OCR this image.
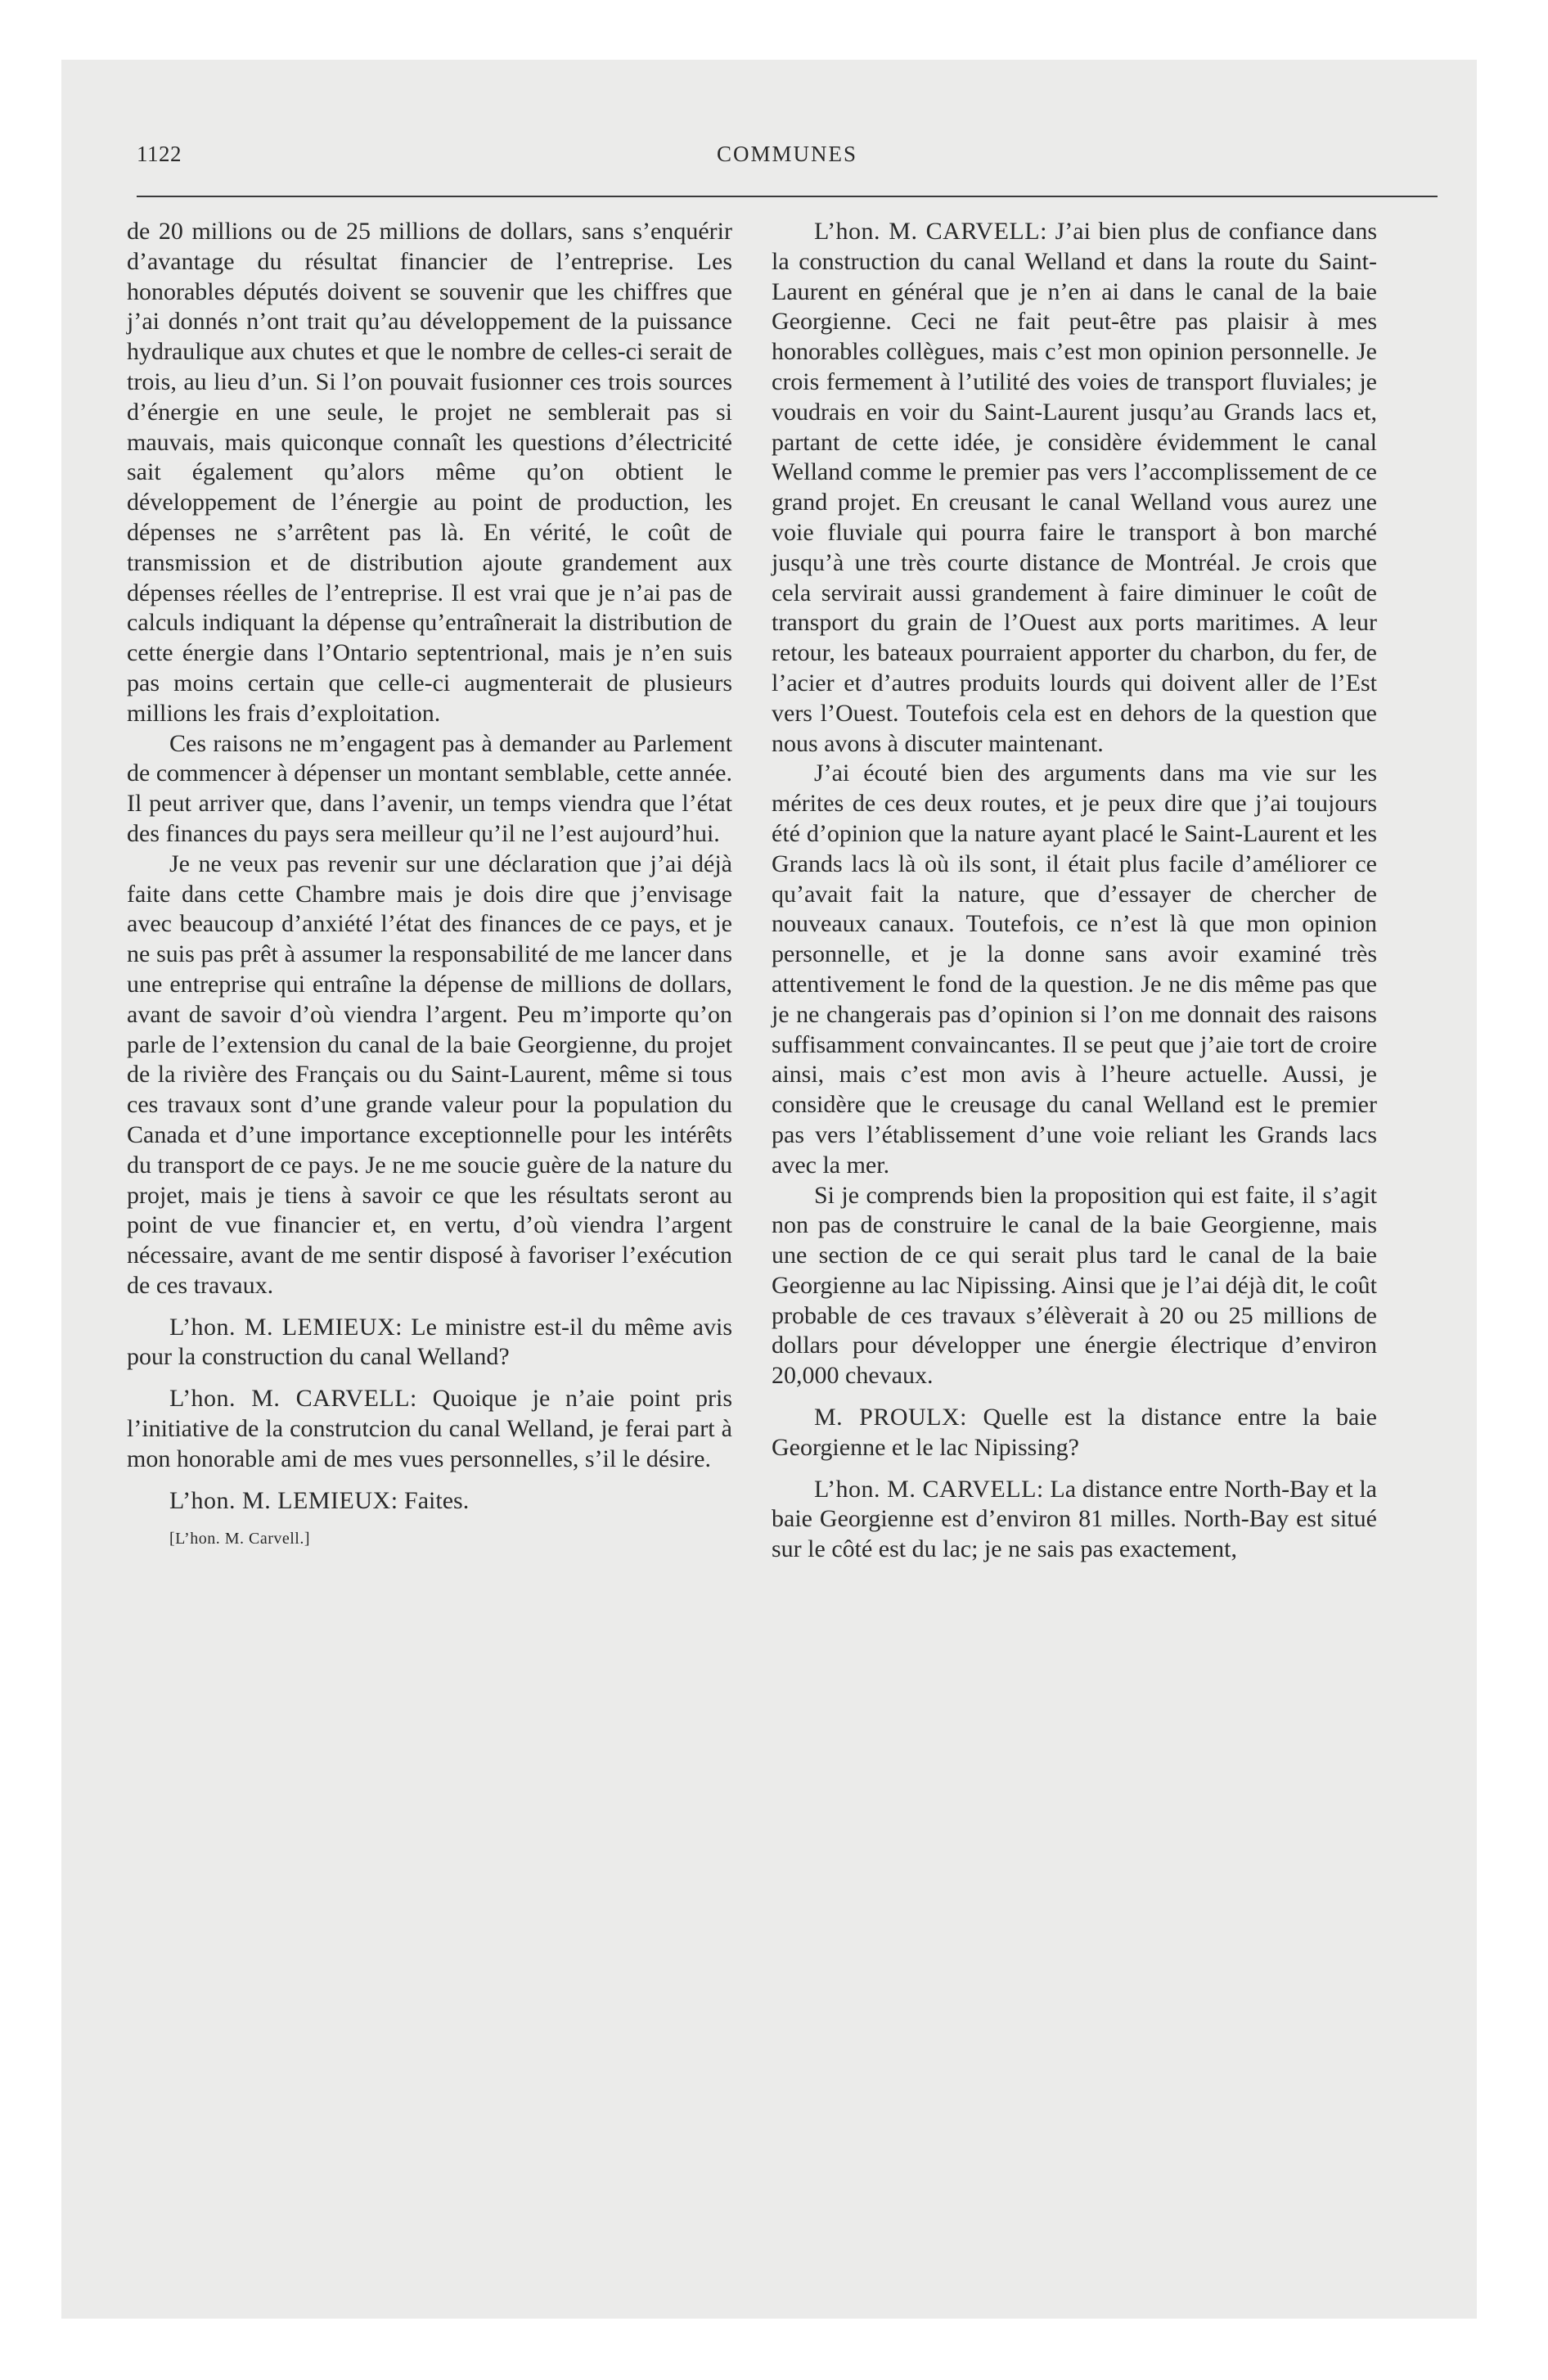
1122	COMMUNES

de 20 millions ou de 25 millions de dollars, sans s’enquérir d’avantage du résultat financier de l’entreprise. Les honorables députés doivent se souvenir que les chiffres que j’ai donnés n’ont trait qu’au développement de la puissance hydraulique aux chutes et que le nombre de celles-ci serait de trois, au lieu d’un. Si l’on pouvait fusionner ces trois sources d’énergie en une seule, le projet ne semblerait pas si mauvais, mais quiconque connaît les questions d’électricité sait également qu’alors même qu’on obtient le développement de l’énergie au point de production, les dépenses ne s’arrêtent pas là. En vérité, le coût de transmission et de distribution ajoute grandement aux dépenses réelles de l’entreprise. Il est vrai que je n’ai pas de calculs indiquant la dépense qu’entraînerait la distribution de cette énergie dans l’Ontario septentrional, mais je n’en suis pas moins certain que celle-ci augmenterait de plusieurs millions les frais d’exploitation.

Ces raisons ne m’engagent pas à demander au Parlement de commencer à dépenser un montant semblable, cette année. Il peut arriver que, dans l’avenir, un temps viendra que l’état des finances du pays sera meilleur qu’il ne l’est aujourd’hui.

Je ne veux pas revenir sur une déclaration que j’ai déjà faite dans cette Chambre mais je dois dire que j’envisage avec beaucoup d’anxiété l’état des finances de ce pays, et je ne suis pas prêt à assumer la responsabilité de me lancer dans une entreprise qui entraîne la dépense de millions de dollars, avant de savoir d’où viendra l’argent. Peu m’importe qu’on parle de l’extension du canal de la baie Georgienne, du projet de la rivière des Français ou du Saint-Laurent, même si tous ces travaux sont d’une grande valeur pour la population du Canada et d’une importance exceptionnelle pour les intérêts du transport de ce pays. Je ne me soucie guère de la nature du projet, mais je tiens à savoir ce que les résultats seront au point de vue financier et, en vertu, d’où viendra l’argent nécessaire, avant de me sentir disposé à favoriser l’exécution de ces travaux.

L’hon. M. LEMIEUX: Le ministre est-il du même avis pour la construction du canal Welland?

L’hon. M. CARVELL: Quoique je n’aie point pris l’initiative de la construtcion du canal Welland, je ferai part à mon honorable ami de mes vues personnelles, s’il le désire.

L’hon. M. LEMIEUX: Faites.

[L’hon. M. Carvell.]

L’hon. M. CARVELL: J’ai bien plus de confiance dans la construction du canal Welland et dans la route du Saint-Laurent en général que je n’en ai dans le canal de la baie Georgienne. Ceci ne fait peut-être pas plaisir à mes honorables collègues, mais c’est mon opinion personnelle. Je crois fermement à l’utilité des voies de transport fluviales; je voudrais en voir du Saint-Laurent jusqu’au Grands lacs et, partant de cette idée, je considère évidemment le canal Welland comme le premier pas vers l’accomplissement de ce grand projet. En creusant le canal Welland vous aurez une voie fluviale qui pourra faire le transport à bon marché jusqu’à une très courte distance de Montréal. Je crois que cela servirait aussi grandement à faire diminuer le coût de transport du grain de l’Ouest aux ports maritimes. A leur retour, les bateaux pourraient apporter du charbon, du fer, de l’acier et d’autres produits lourds qui doivent aller de l’Est vers l’Ouest. Toutefois cela est en dehors de la question que nous avons à discuter maintenant.

J’ai écouté bien des arguments dans ma vie sur les mérites de ces deux routes, et je peux dire que j’ai toujours été d’opinion que la nature ayant placé le Saint-Laurent et les Grands lacs là où ils sont, il était plus facile d’améliorer ce qu’avait fait la nature, que d’essayer de chercher de nouveaux canaux. Toutefois, ce n’est là que mon opinion personnelle, et je la donne sans avoir examiné très attentivement le fond de la question. Je ne dis même pas que je ne changerais pas d’opinion si l’on me donnait des raisons suffisamment convaincantes. Il se peut que j’aie tort de croire ainsi, mais c’est mon avis à l’heure actuelle. Aussi, je considère que le creusage du canal Welland est le premier pas vers l’établissement d’une voie reliant les Grands lacs avec la mer.

Si je comprends bien la proposition qui est faite, il s’agit non pas de construire le canal de la baie Georgienne, mais une section de ce qui serait plus tard le canal de la baie Georgienne au lac Nipissing. Ainsi que je l’ai déjà dit, le coût probable de ces travaux s’élèverait à 20 ou 25 millions de dollars pour développer une énergie électrique d’environ 20,000 chevaux.

M. PROULX: Quelle est la distance entre la baie Georgienne et le lac Nipissing?

L’hon. M. CARVELL: La distance entre North-Bay et la baie Georgienne est d’environ 81 milles. North-Bay est situé sur le côté est du lac; je ne sais pas exactement,
